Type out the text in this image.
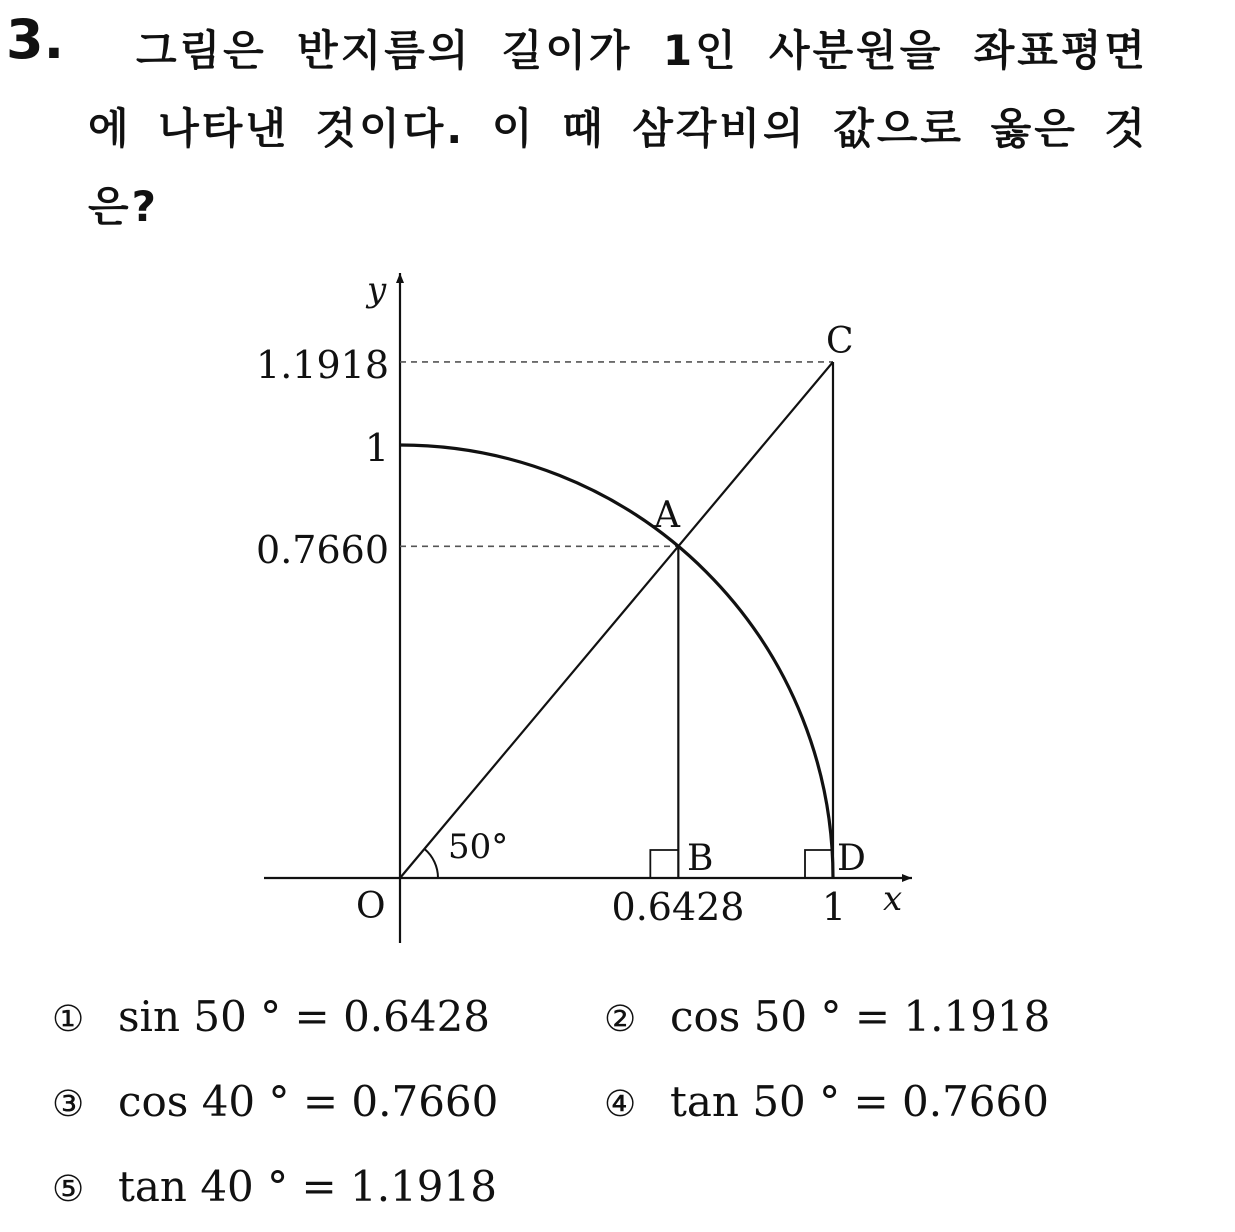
3.	그림은 반지름의 길이가 1인 사분원을 좌표평면에 나타낸 것이다. 이 때 삼각비의 값으로 옳은 것은?

y
x
O
A
B
C
D
50°
1.1918
1
0.7660
0.6428 1
① sin 50 ° = 0.6428	② cos 50 ° = 1.1918
③ cos 40 ° = 0.7660	④ tan 50 ° = 0.7660
⑤ tan 40 ° = 1.1918
